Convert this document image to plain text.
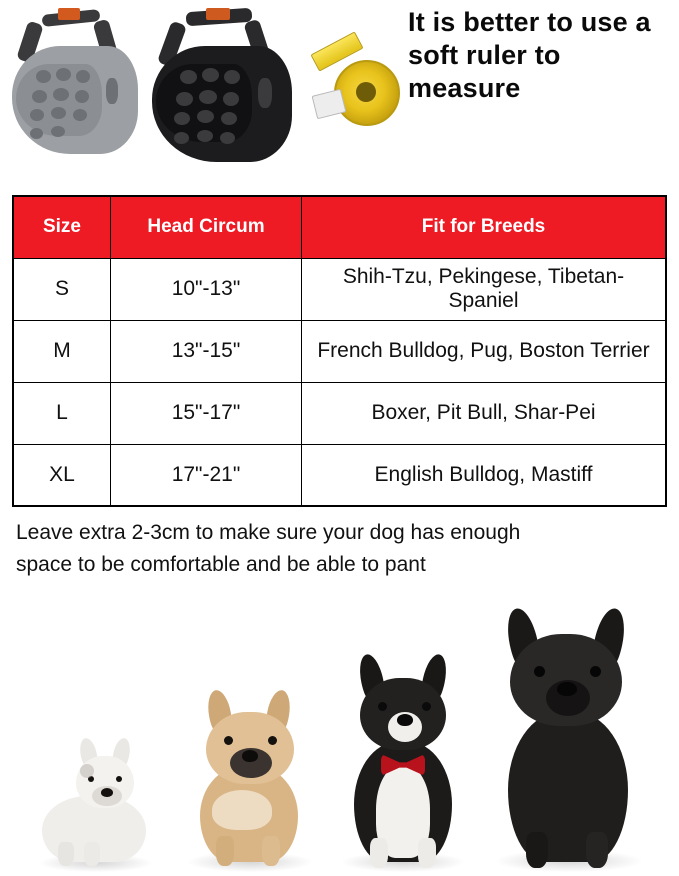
It is better to use a soft ruler to measure
Size	Head Circum	Fit for Breeds
S	10"-13"	Shih-Tzu, Pekingese, Tibetan-Spaniel
M	13"-15"	French Bulldog, Pug, Boston Terrier
L	15"-17"	Boxer, Pit Bull, Shar-Pei
XL	17"-21"	English Bulldog, Mastiff
Leave extra 2-3cm to make sure your dog has enough
space to be comfortable and be able to pant
